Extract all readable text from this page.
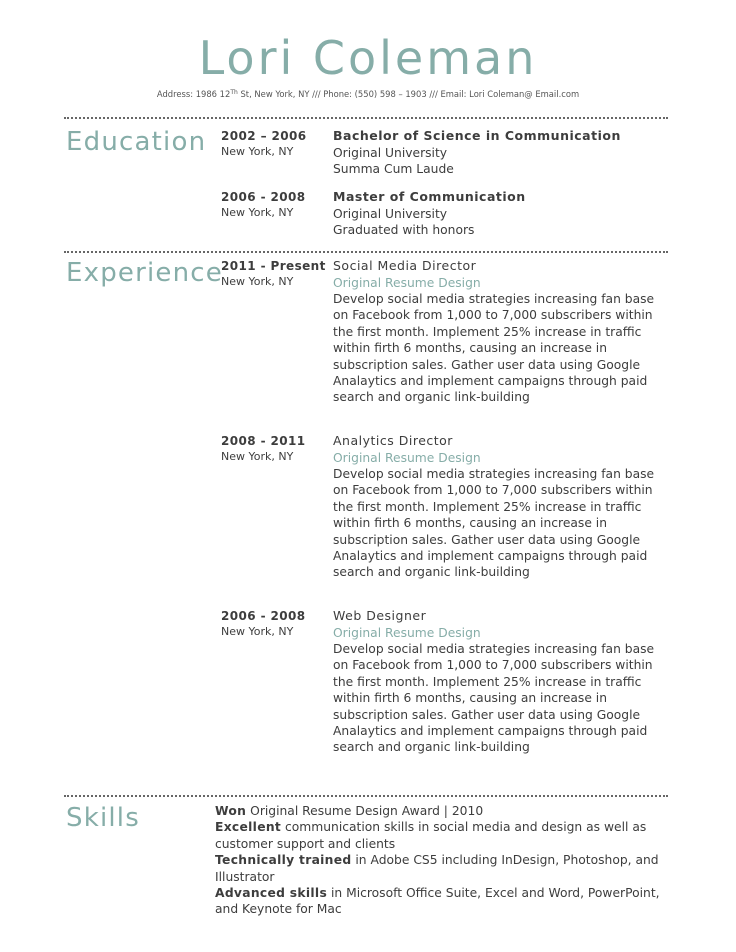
Lori Coleman
Address: 1986 12Th St, New York, NY /// Phone: (550) 598 – 1903 /// Email: Lori Coleman@ Email.com
Education 2002 – 2006
New York, NY
Bachelor of Science in Communication
Original University
Summa Cum Laude
2006 - 2008
New York, NY
Master of Communication
Original University
Graduated with honors
Experience
2011 - Present
New York, NY
Social Media Director
Original Resume Design

Develop social media strategies increasing fan base on Facebook from 1,000 to 7,000 subscribers within the first month. Implement 25% increase in traffic within firth 6 months, causing an increase in subscription sales. Gather user data using Google Analaytics and implement campaigns through paid search and organic link-building

2008 - 2011
New York, NY
Analytics Director
Original Resume Design

Develop social media strategies increasing fan base on Facebook from 1,000 to 7,000 subscribers within the first month. Implement 25% increase in traffic within firth 6 months, causing an increase in subscription sales. Gather user data using Google Analaytics and implement campaigns through paid search and organic link-building

2006 - 2008
New York, NY
Web Designer
Original Resume Design

Develop social media strategies increasing fan base on Facebook from 1,000 to 7,000 subscribers within the first month. Implement 25% increase in traffic within firth 6 months, causing an increase in subscription sales. Gather user data using Google Analaytics and implement campaigns through paid search and organic link-building

Skills	Won Original Resume Design Award | 2010

Excellent communication skills in social media and design as well as customer support and clients

Technically trained in Adobe CS5 including InDesign, Photoshop, and Illustrator

Advanced skills in Microsoft Office Suite, Excel and Word, PowerPoint, and Keynote for Mac
